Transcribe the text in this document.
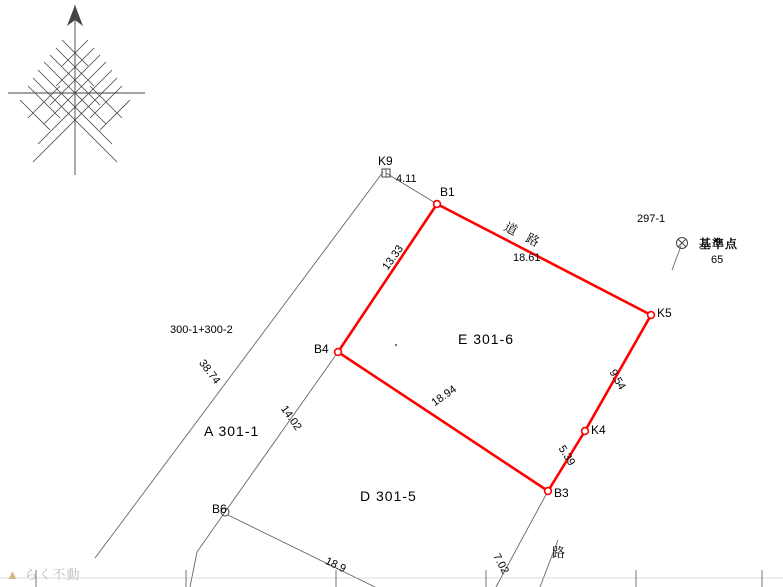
K9
B1
K5
K4
B3
B4
B6
E 301-6
18.61
9.54
5.39
18.94
13.33
4.11
道 路
297-1
基準点
65
300-1+300-2
38.74
A 301-1 14.02
D 301-5
18.9	7.02	路
▲ らく不動
